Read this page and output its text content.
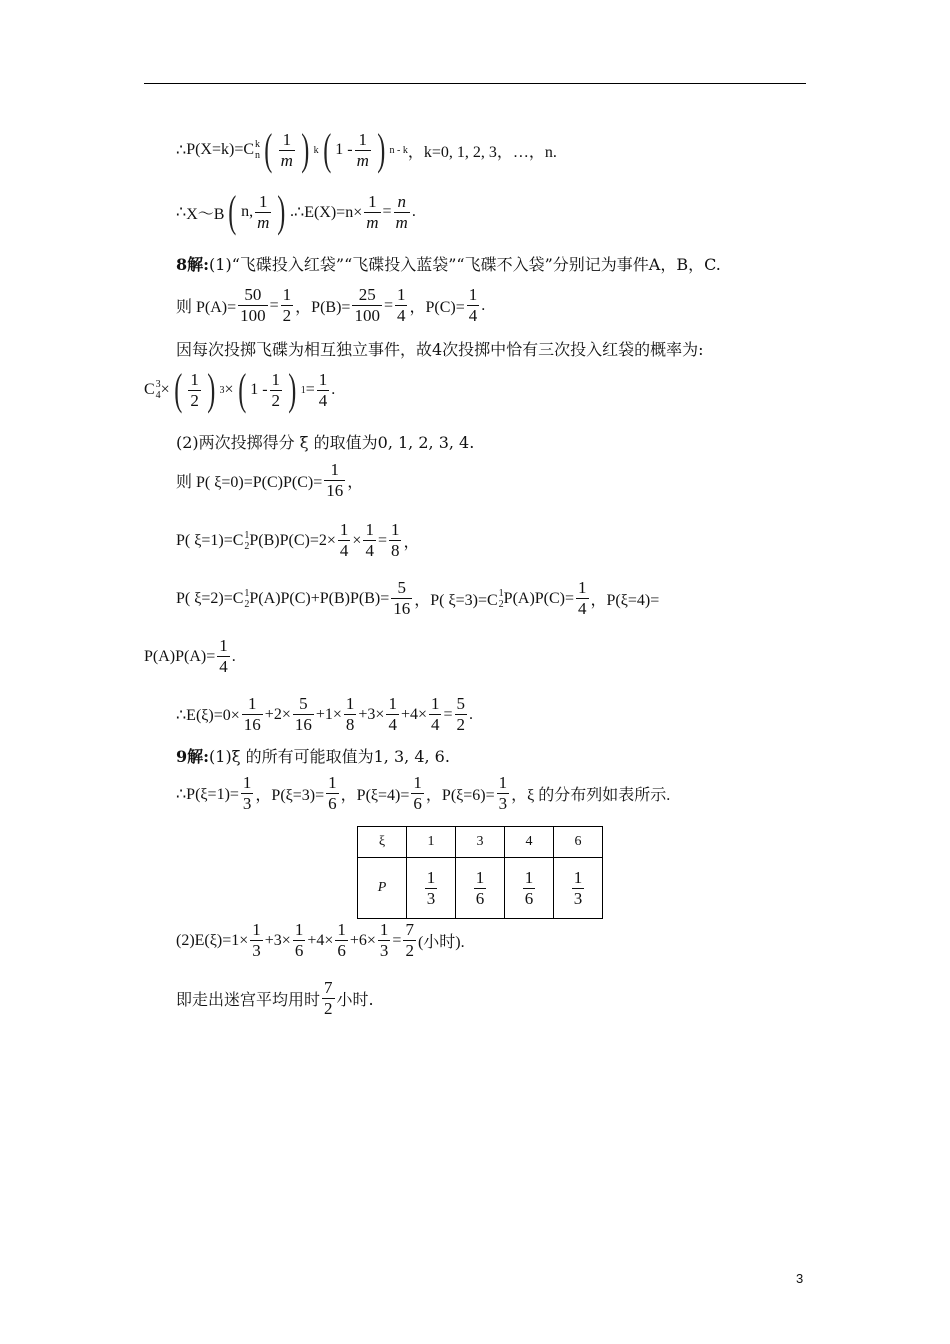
∴ P(X=k)=C k
n ( $\frac{1}{m}$ ) k ( $1 - \frac{1}{m}$ ) n - k ，k=0, 1, 2, 3，…，n.
∴ X～B ( n, $\frac{1}{m}$ ) . ∴E(X)=n× $\frac{1}{m} = \frac{n}{m}$ .
8解: (1)“飞碟投入红袋”“飞碟投入蓝袋”“飞碟不入袋”分别记为事件A，B，C.
则 $P(A)= \frac{50}{100} = \frac{1}{2}$ ，$P(B)= \frac{25}{100} = \frac{1}{4}$ ，$P(C)= \frac{1}{4}$ .
因每次投掷飞碟为相互独立事件，故4次投掷中恰有三次投入红袋的概率为:
C 3
4 × ( $\frac{1}{2}$ ) 3 × ( $1 - \frac{1}{2}$ ) $1 = \frac{1}{4}$ .
(2)两次投掷得分 ξ 的取值为0, 1, 2, 3, 4.
则 P( $\xi=0)=P(C)P(C)= \frac{1}{16}$ ，
P( ξ=1)=C 1
2 $P(B)P(C)=2\times \frac{1}{4} \times \frac{1}{4} = \frac{1}{8}$ ，
P( ξ=2)=C 1
2 $P(A)P(C)+P(B)P(B)= \frac{5}{16}$ ，P( ξ=3)=C 1
2 $P(A)P(C)= \frac{1}{4}$ ，P(ξ=4)=
$P(A)P(A)= \frac{1}{4}$ .
∴E(ξ)=0× $\frac{1}{16} +2\times \frac{5}{16} +1\times \frac{1}{8} +3\times \frac{1}{4} +4\times \frac{1}{4} = \frac{5}{2}$ .
9解: (1)ξ 的所有可能取值为1, 3, 4, 6.
∴P(ξ=1)= $\frac{1}{3}$ ，$P(\xi=3)= \frac{1}{6}$ ，$P(\xi=4)= \frac{1}{6}$ ，$P(\xi=6)= \frac{1}{3}$ ，ξ 的分布列如表所示.
ξ	1	3	4	6
P	$\frac{1}{3}$	$\frac{1}{6}$	$\frac{1}{6}$	$\frac{1}{3}$
$(2)E(\xi)=1\times \frac{1}{3} +3\times \frac{1}{6} +4\times \frac{1}{6} +6\times \frac{1}{3} = \frac{7}{2}$ (小时).
即走出迷宫平均用时 $\frac{7}{2}$ 小时.
3
